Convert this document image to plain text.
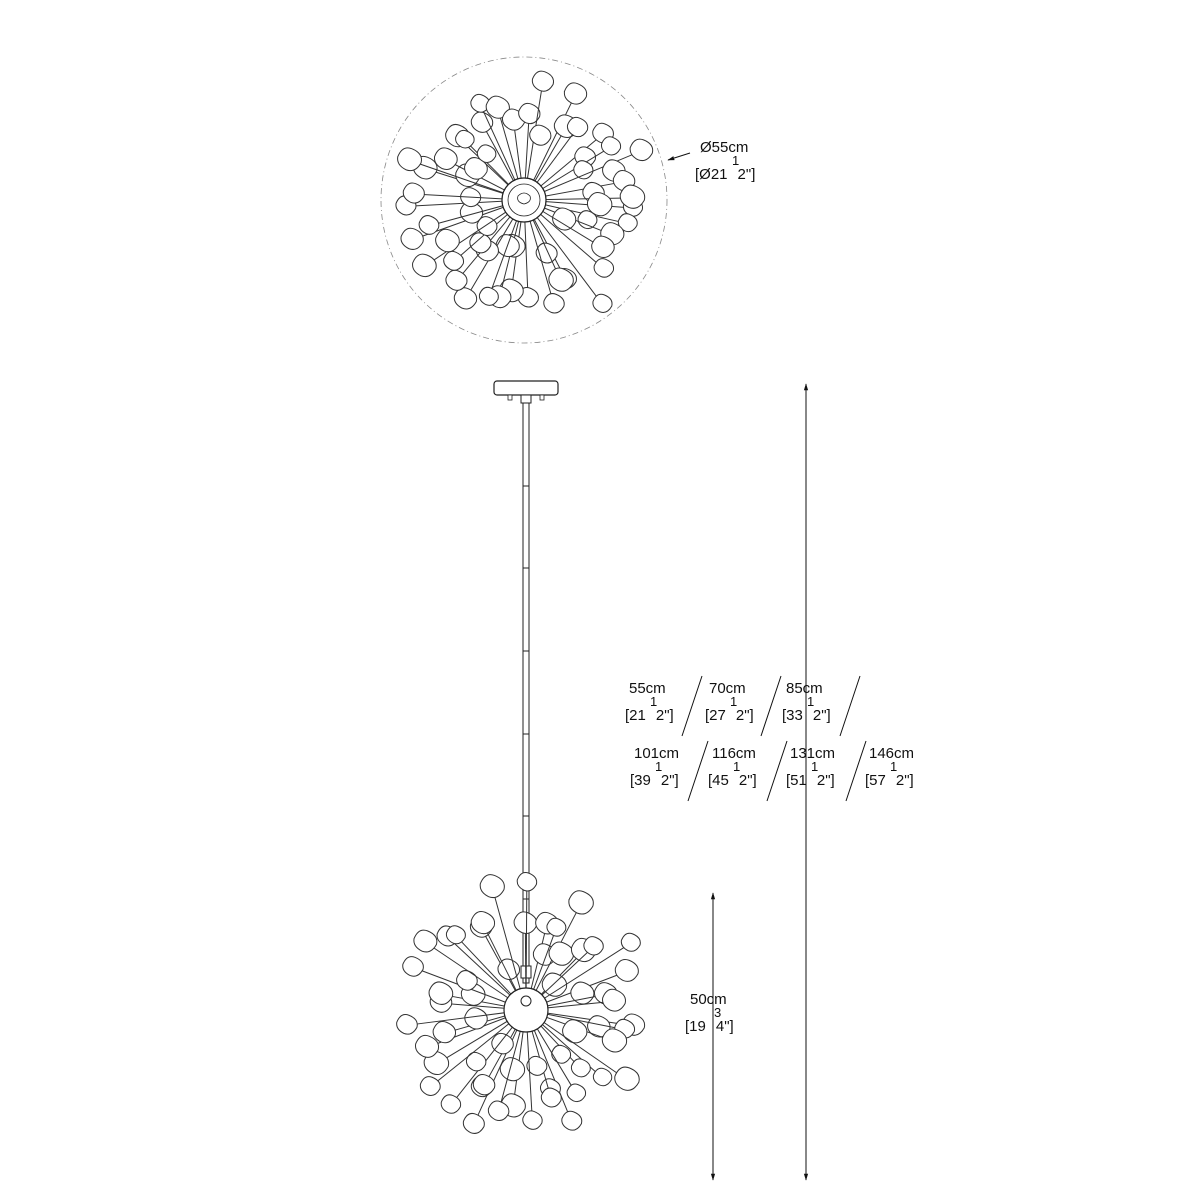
Ø55cm
[Ø21
1
2"]
55cm
[21
1
2"]
70cm
[27
1
2"]
85cm
[33
1
2"]
101cm
[39
1
2"]
116cm
[45
1
2"]
131cm
[51
1
2"]
146cm
[57
1
2"]
50cm
[19
3
4"]
